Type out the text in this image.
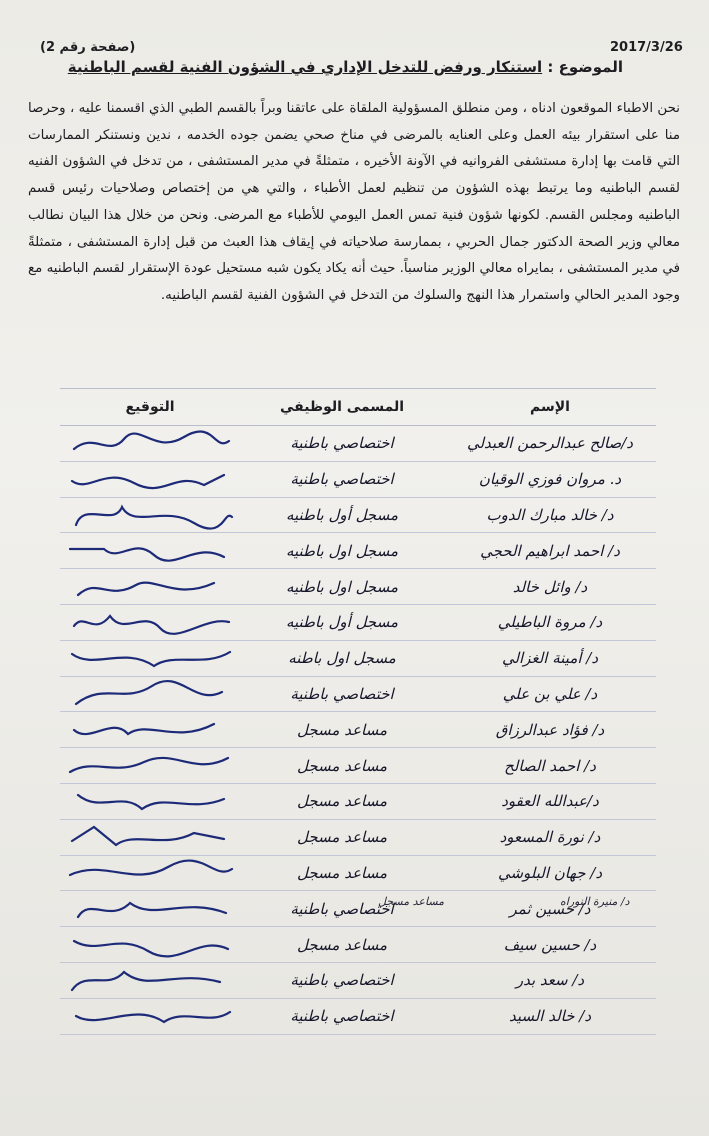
2017/3/26
(صفحة رقم 2)
الموضوع : استنكار ورفض للتدخل الإداري في الشؤون الفنية لقسم الباطنية
نحن الاطباء الموقعون ادناه ، ومن منطلق المسؤولية الملقاة على عاتقنا وبراً بالقسم الطبي الذي اقسمنا عليه ، وحرصا منا على استقرار بيئه العمل وعلى العنايه بالمرضى في مناخ صحي يضمن جوده الخدمه ، ندين ونستنكر الممارسات التي قامت بها إدارة مستشفى الفروانيه في الآونة الأخيره ، متمثلةً في مدير المستشفى ، من تدخل في الشؤون الفنيه لقسم الباطنيه وما يرتبط بهذه الشؤون من تنظيم لعمل الأطباء ، والتي هي من إختصاص وصلاحيات رئيس قسم الباطنيه ومجلس القسم. لكونها شؤون فنية تمس العمل اليومي للأطباء مع المرضى. ونحن من خلال هذا البيان نطالب معالي وزير الصحة الدكتور جمال الحربي ، بممارسة صلاحياته في إيقاف هذا العبث من قبل إدارة المستشفى ، متمثلةً في مدير المستشفى ، بمايراه معالي الوزير مناسباً. حيث أنه يكاد يكون شبه مستحيل عودة الإستقرار لقسم الباطنيه مع وجود المدير الحالي واستمرار هذا النهج والسلوك من التدخل في الشؤون الفنية لقسم الباطنيه.
الإسم
المسمى الوظيفي
التوقيع
د/صالح عبدالرحمن العبدلي
اختصاصي باطنية
د. مروان فوزي الوقيان
اختصاصي باطنية
د/ خالد مبارك الدوب
مسجل أول باطنيه
د/ احمد ابراهيم الحجي
مسجل اول باطنيه
د/ وائل خالد
مسجل اول باطنيه
د/ مروة الباطيلي
مسجل أول باطنيه
د/ أمينة الغزالي
مسجل اول باطنه
د/ علي بن علي
اختصاصي باطنية
د/ فؤاد عبدالرزاق
مساعد مسجل
د/ احمد الصالح
مساعد مسجل
د/عبدالله العقود
مساعد مسجل
د/ نورة المسعود
مساعد مسجل
د/ جهان البلوشي
مساعد مسجل
د/ حسين ثمر
اختصاصي باطنية
د/ حسين سيف
مساعد مسجل
د/ سعد بدر
اختصاصي باطنية
د/ خالد السيد
اختصاصي باطنية
مساعد مسجل	د/ منيرة النوراه
